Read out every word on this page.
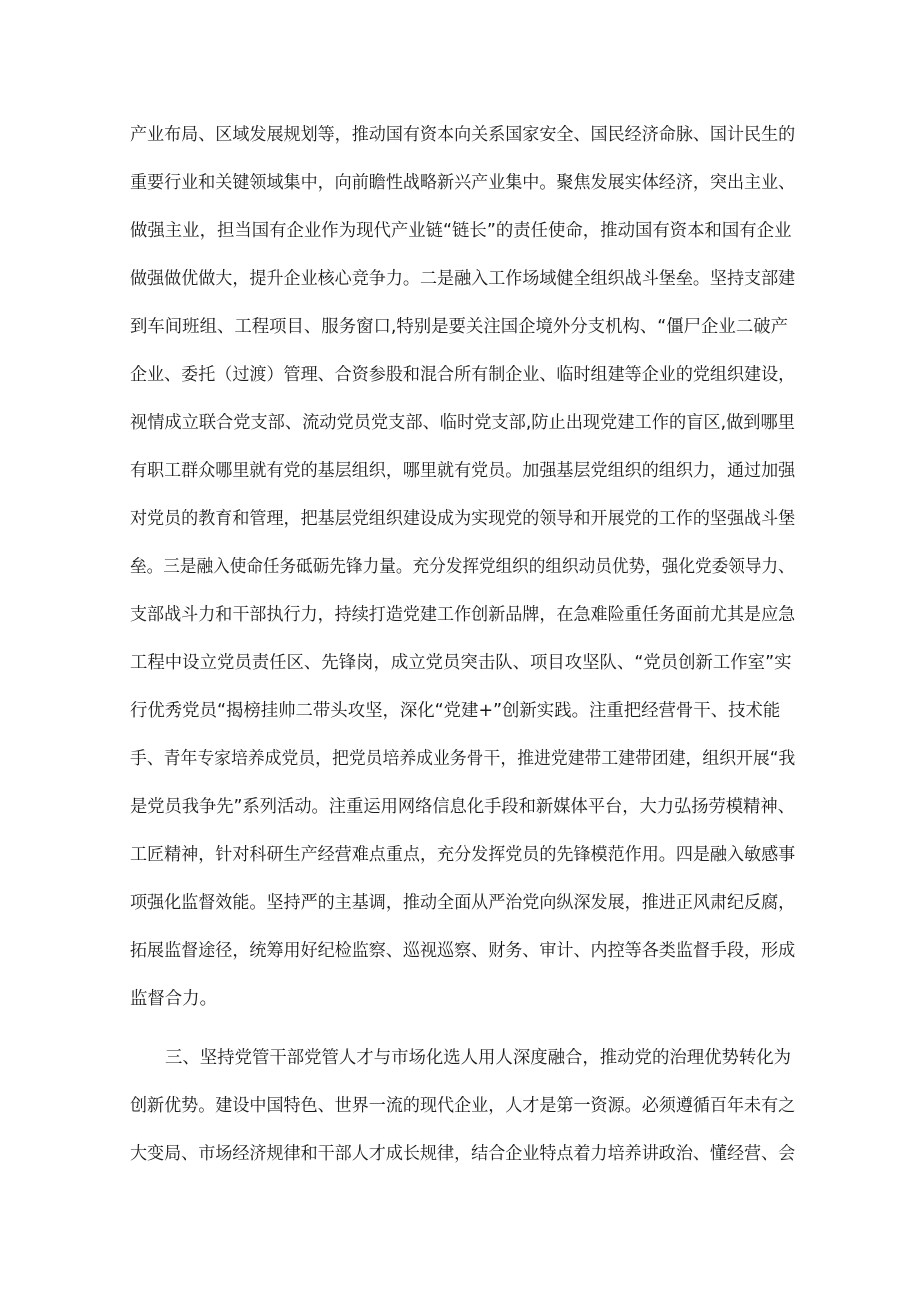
产业布局、区域发展规划等，推动国有资本向关系国家安全、国民经济命脉、国计民生的
重要行业和关键领域集中，向前瞻性战略新兴产业集中。聚焦发展实体经济，突出主业、
做强主业，担当国有企业作为现代产业链“链长”的责任使命，推动国有资本和国有企业
做强做优做大，提升企业核心竞争力。二是融入工作场域健全组织战斗堡垒。坚持支部建
到车间班组、工程项目、服务窗口,特别是要关注国企境外分支机构、“僵尸企业二破产
企业、委托（过渡）管理、合资参股和混合所有制企业、临时组建等企业的党组织建设，
视情成立联合党支部、流动党员党支部、临时党支部,防止出现党建工作的盲区,做到哪里
有职工群众哪里就有党的基层组织，哪里就有党员。加强基层党组织的组织力，通过加强
对党员的教育和管理，把基层党组织建设成为实现党的领导和开展党的工作的坚强战斗堡
垒。三是融入使命任务砥砺先锋力量。充分发挥党组织的组织动员优势，强化党委领导力、
支部战斗力和干部执行力，持续打造党建工作创新品牌，在急难险重任务面前尤其是应急
工程中设立党员责任区、先锋岗，成立党员突击队、项目攻坚队、“党员创新工作室”实
行优秀党员“揭榜挂帅二带头攻坚，深化“党建+”创新实践。注重把经营骨干、技术能
手、青年专家培养成党员，把党员培养成业务骨干，推进党建带工建带团建，组织开展“我
是党员我争先”系列活动。注重运用网络信息化手段和新媒体平台，大力弘扬劳模精神、
工匠精神，针对科研生产经营难点重点，充分发挥党员的先锋模范作用。四是融入敏感事
项强化监督效能。坚持严的主基调，推动全面从严治党向纵深发展，推进正风肃纪反腐，
拓展监督途径，统筹用好纪检监察、巡视巡察、财务、审计、内控等各类监督手段，形成
监督合力。
三、坚持党管干部党管人才与市场化选人用人深度融合，推动党的治理优势转化为
创新优势。建设中国特色、世界一流的现代企业，人才是第一资源。必须遵循百年未有之
大变局、市场经济规律和干部人才成长规律，结合企业特点着力培养讲政治、懂经营、会
